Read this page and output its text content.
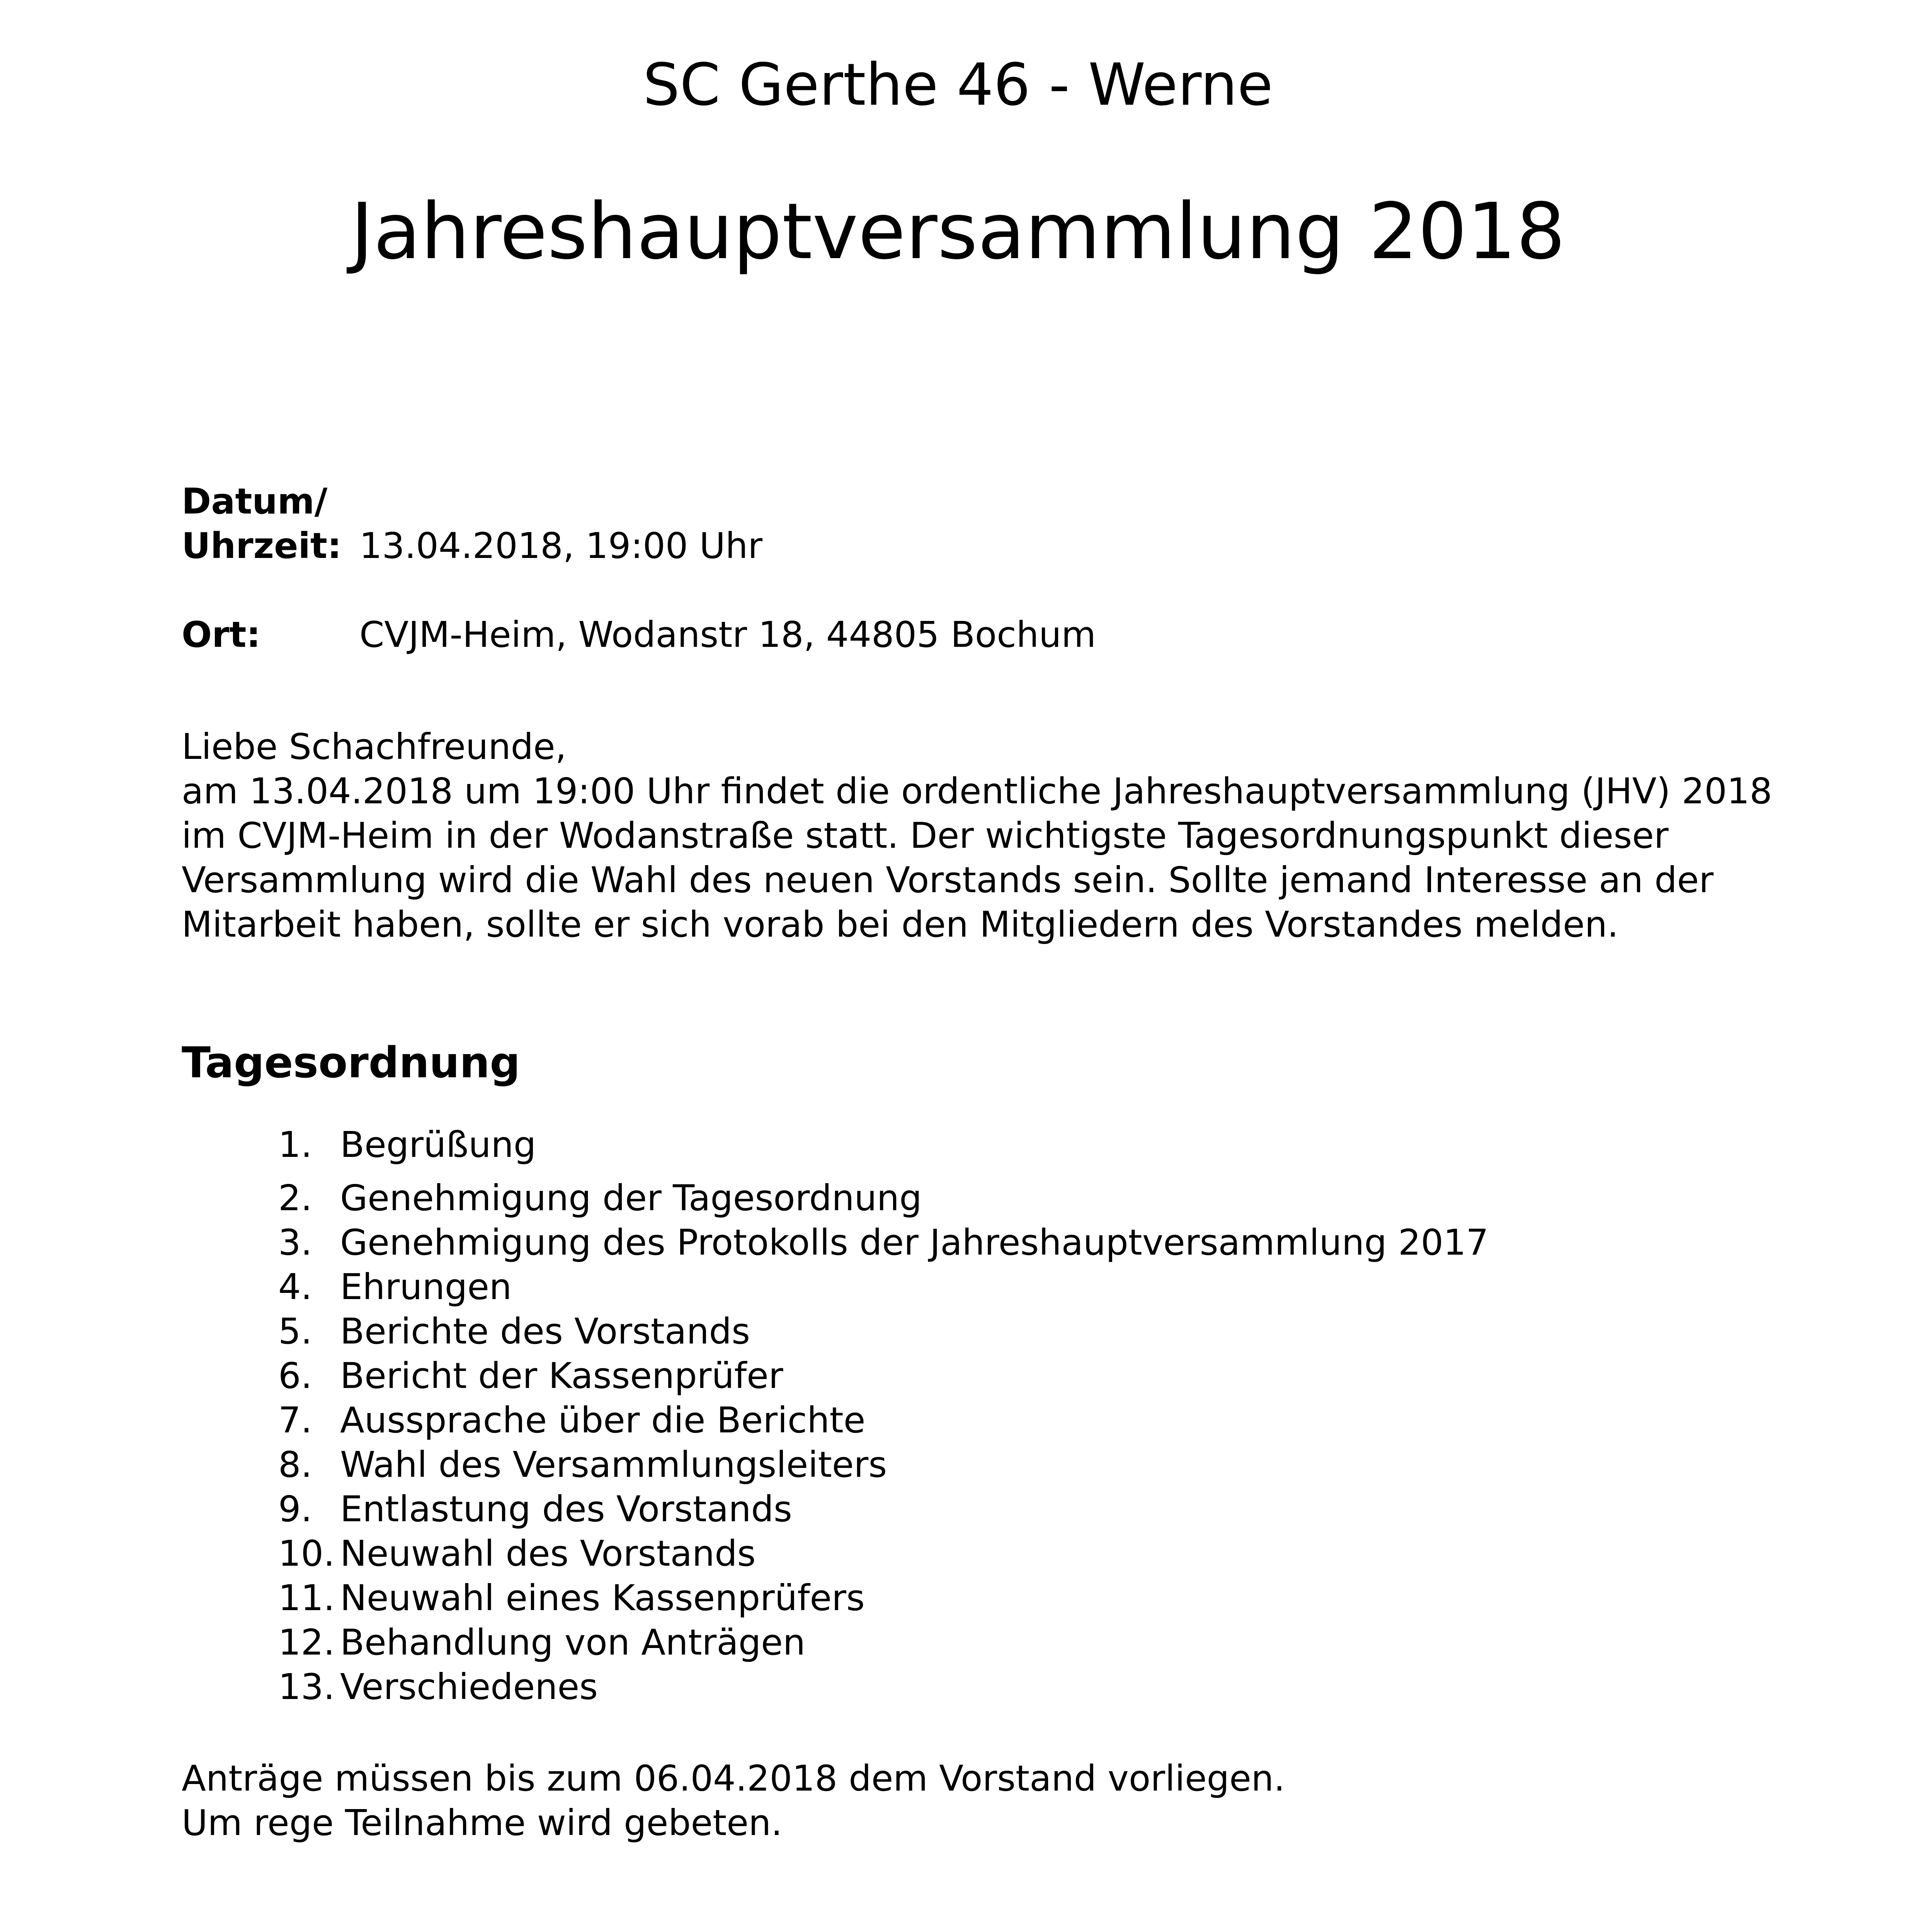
SC Gerthe 46 - Werne
Jahreshauptversammlung 2018
Datum/
Uhrzeit: 13.04.2018, 19:00 Uhr
Ort:	CVJM-Heim, Wodanstr 18, 44805 Bochum
Liebe Schachfreunde,
am 13.04.2018 um 19:00 Uhr findet die ordentliche Jahreshauptversammlung (JHV) 2018
im CVJM-Heim in der Wodanstraße statt. Der wichtigste Tagesordnungspunkt dieser
Versammlung wird die Wahl des neuen Vorstands sein. Sollte jemand Interesse an der
Mitarbeit haben, sollte er sich vorab bei den Mitgliedern des Vorstandes melden.
Tagesordnung
1. Begrüßung
2. Genehmigung der Tagesordnung
3. Genehmigung des Protokolls der Jahreshauptversammlung 2017
4. Ehrungen
5. Berichte des Vorstands
6. Bericht der Kassenprüfer
7. Aussprache über die Berichte
8. Wahl des Versammlungsleiters
9. Entlastung des Vorstands
10. Neuwahl des Vorstands
11. Neuwahl eines Kassenprüfers
12. Behandlung von Anträgen
13. Verschiedenes
Anträge müssen bis zum 06.04.2018 dem Vorstand vorliegen.
Um rege Teilnahme wird gebeten.
